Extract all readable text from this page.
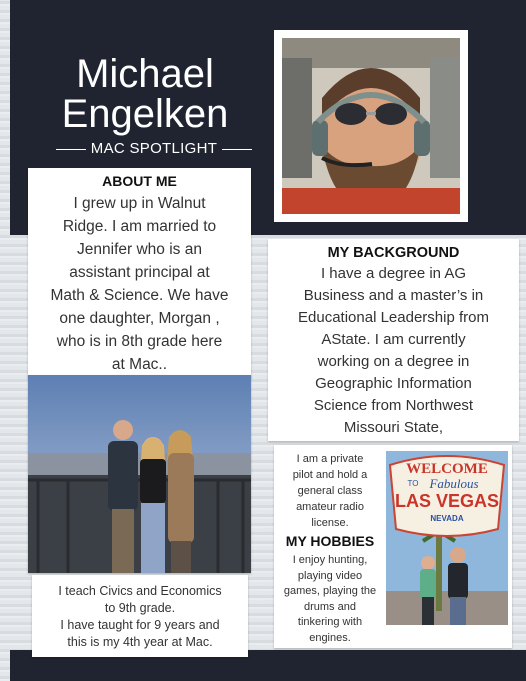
Michael
Engelken
MAC SPOTLIGHT
ABOUT ME
I grew up in Walnut
Ridge. I am married to
Jennifer who is an
assistant principal at
Math & Science. We have
one daughter, Morgan ,
who is in 8th grade here
at Mac..
I teach Civics and Economics
to 9th grade.
I have taught for 9 years and
this is my 4th year at Mac.
MY BACKGROUND
I have a degree in AG
Business and a master’s in
Educational Leadership from
AState. I am currently
working on a degree in
Geographic Information
Science from Northwest
Missouri State,
I am a private
pilot and hold a
general class
amateur radio
license.
MY HOBBIES
I enjoy hunting,
playing video
games, playing the
drums and
tinkering with
engines.
WELCOME
TO Fabulous
LAS VEGAS
NEVADA
